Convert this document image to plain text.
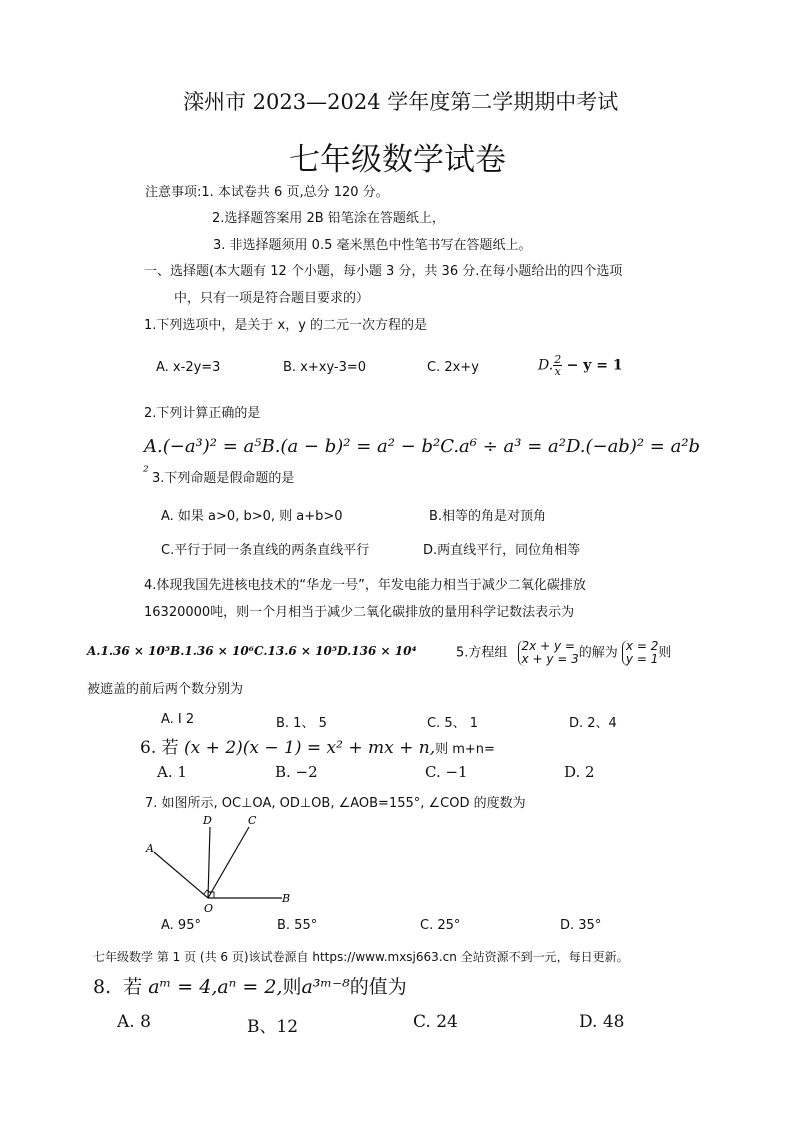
滦州市 2023—2024 学年度第二学期期中考试
七年级数学试卷
注意事项:1. 本试卷共 6 页,总分 120 分。
2.选择题答案用 2B 铅笔涂在答题纸上，
3. 非选择题须用 0.5 毫米黑色中性笔书写在答题纸上。
一、选择题(本大题有 12 个小题，每小题 3 分，共 36 分.在每小题给出的四个选项
中，只有一项是符合题目要求的）
1.下列选项中，是关于 x，y 的二元一次方程的是
A. x-2y=3	B. x+xy-3=0	C. 2x+y	D. $\frac{2}{x} - y = 1$
2.下列计算正确的是
A.(−a³)² = a⁵B.(a − b)² = a² − b²C.a⁶ ÷ a³ = a²D.(−ab)² = a²b
² 3.下列命题是假命题的是
A. 如果 a>0, b>0, 则 a+b>0	B.相等的角是对顶角
C.平行于同一条直线的两条直线平行	D.两直线平行，同位角相等
4.体现我国先进核电技术的“华龙一号”，年发电能力相当于减少二氧化碳排放
16320000吨，则一个月相当于减少二氧化碳排放的量用科学记数法表示为
A.1.36 × 10⁵B.1.36 × 10⁶C.13.6 × 10⁵D.136 × 10⁴	5.方程组 2x + y =
x + y = 3 的解为 x = 2
y = 1 则
被遮盖的前后两个数分别为
A. I 2	B. 1、 5	C. 5、 1	D. 2、4
6. 若 (x + 2)(x − 1) = x² + mx + n,则 m+n=
A. 1	B. −2	C. −1	D. 2
7. 如图所示, OC⊥OA, OD⊥OB, ∠AOB=155°, ∠COD 的度数为
A
B
C
D
O
A. 95°	B. 55°	C. 25°	D. 35°
七年级数学 第 1 页 (共 6 页)该试卷源自 https://www.mxsj663.cn 全站资源不到一元，每日更新。
8. 若 aᵐ = 4,aⁿ = 2,则a³ᵐ⁻⁸的值为
A. 8	B、12	C. 24	D. 48
